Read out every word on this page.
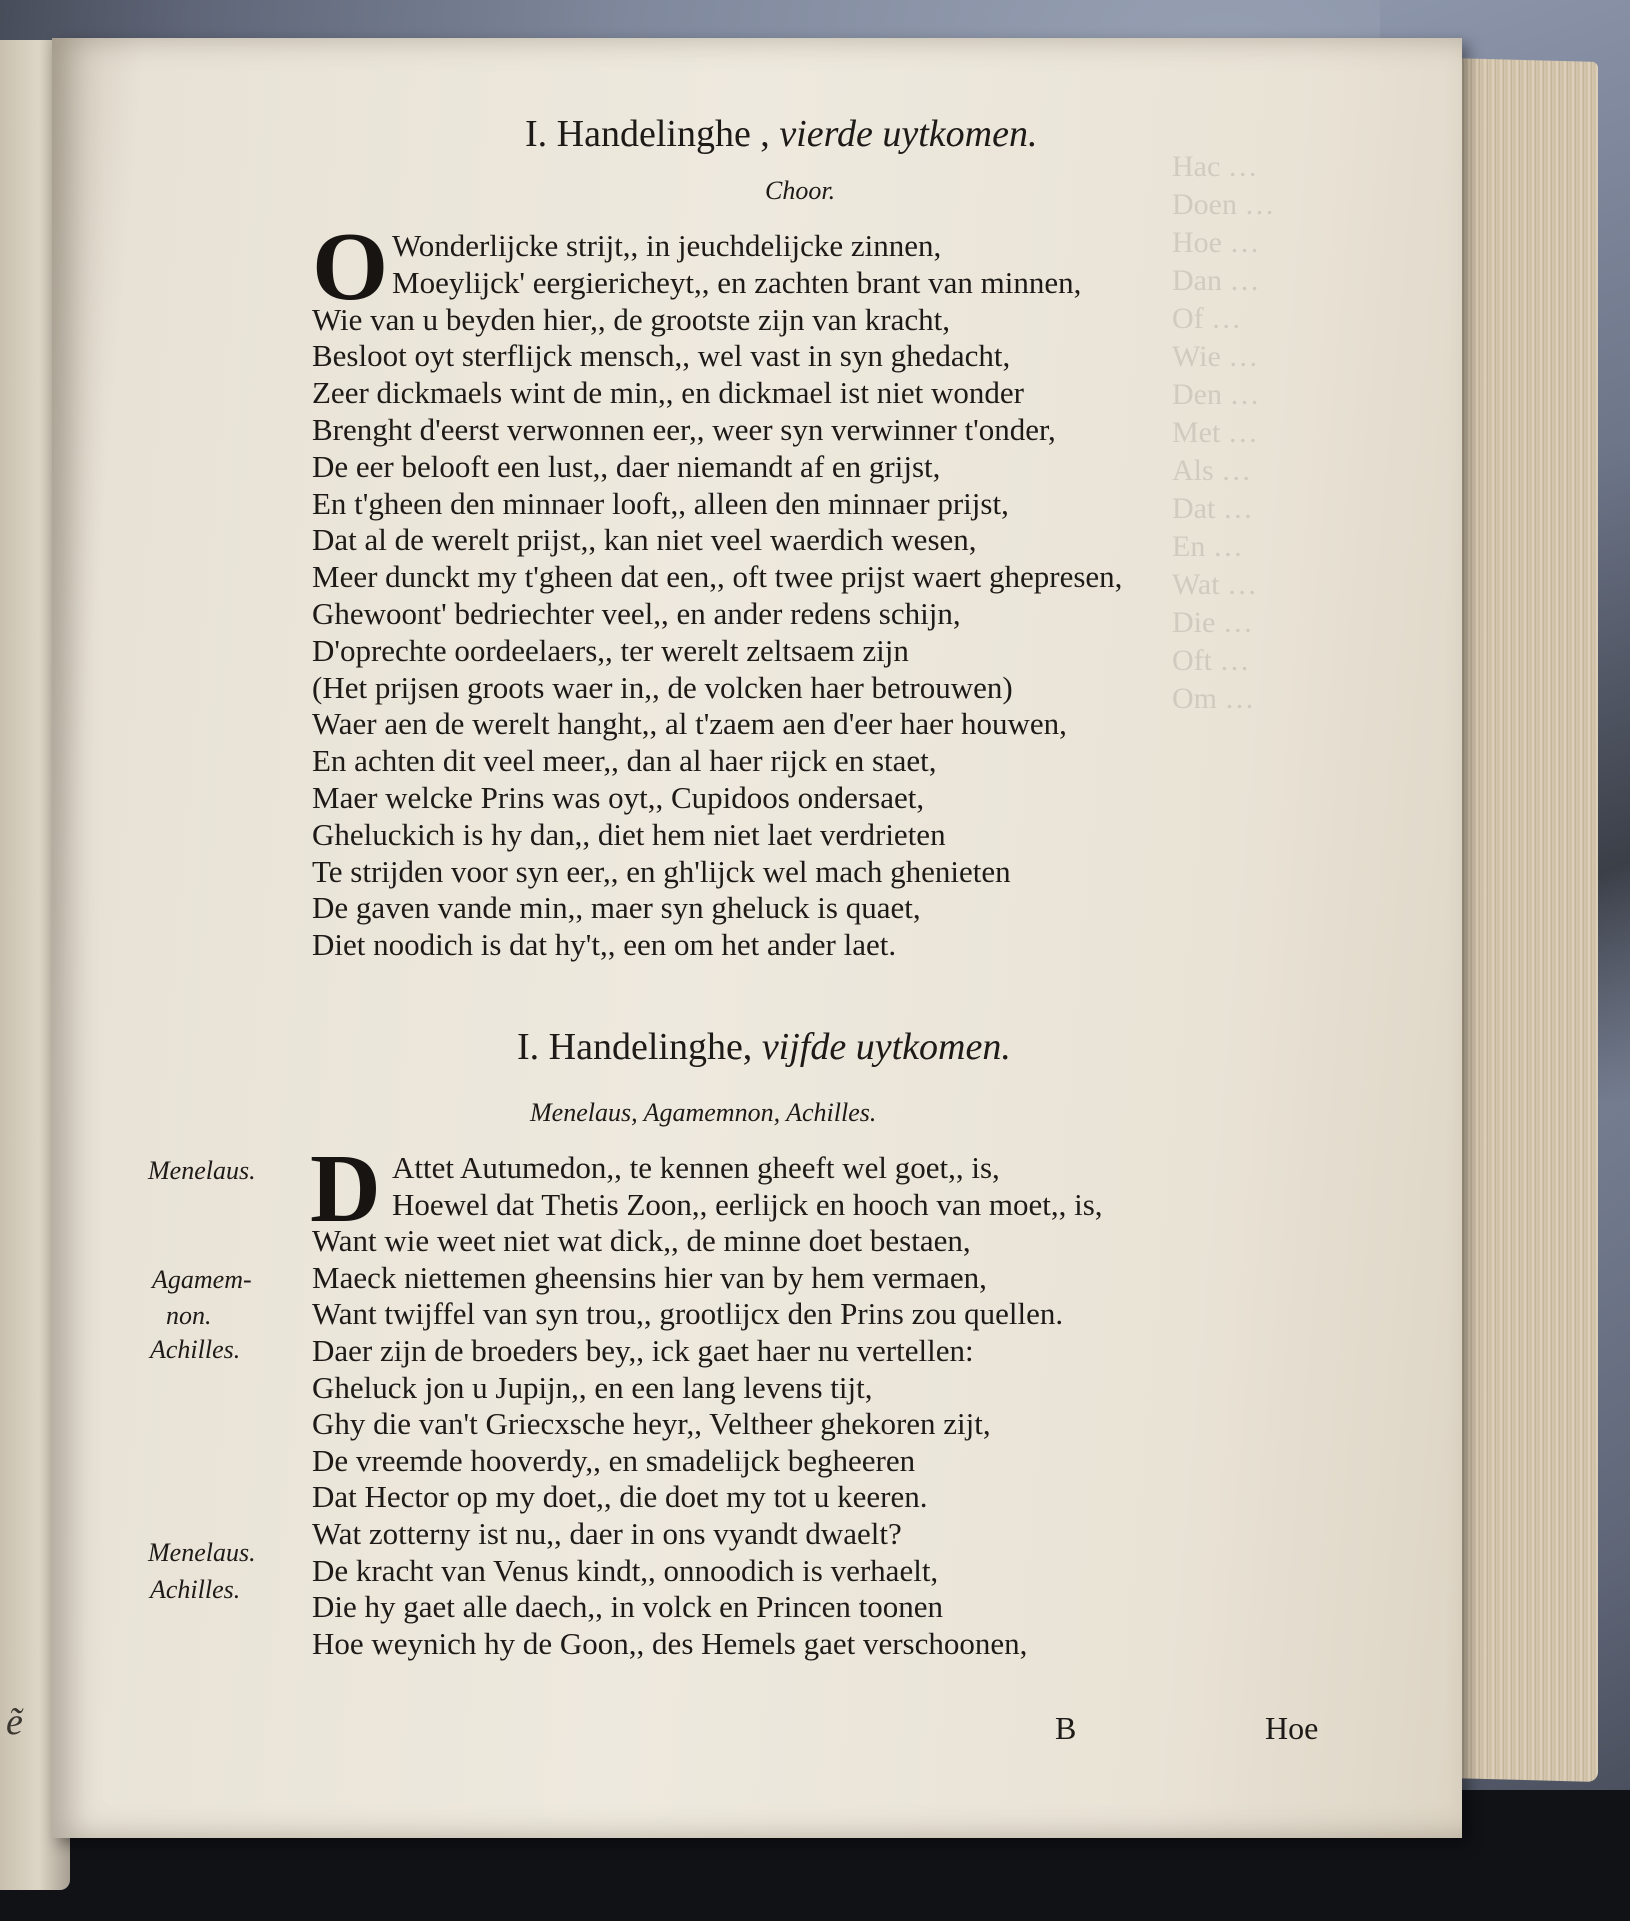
ẽ
Hac …
Doen …
Hoe …
Dan …
Of …
Wie …
Den …
Met …
Als …
Dat …
En …
Wat …
Die …
Oft …
Om …
I. Handelinghe , vierde uytkomen.
Choor.
O Wonderlijcke strijt,, in jeuchdelijcke zinnen,
Moeylijck' eergiericheyt,, en zachten brant van minnen,
Wie van u beyden hier,, de grootste zijn van kracht,
Besloot oyt sterflijck mensch,, wel vast in syn ghedacht,
Zeer dickmaels wint de min,, en dickmael ist niet wonder
Brenght d'eerst verwonnen eer,, weer syn verwinner t'onder,
De eer belooft een lust,, daer niemandt af en grijst,
En t'gheen den minnaer looft,, alleen den minnaer prijst,
Dat al de werelt prijst,, kan niet veel waerdich wesen,
Meer dunckt my t'gheen dat een,, oft twee prijst waert ghepresen,
Ghewoont' bedriechter veel,, en ander redens schijn,
D'oprechte oordeelaers,, ter werelt zeltsaem zijn
(Het prijsen groots waer in,, de volcken haer betrouwen)
Waer aen de werelt hanght,, al t'zaem aen d'eer haer houwen,
En achten dit veel meer,, dan al haer rijck en staet,
Maer welcke Prins was oyt,, Cupidoos ondersaet,
Gheluckich is hy dan,, diet hem niet laet verdrieten
Te strijden voor syn eer,, en gh'lijck wel mach ghenieten
De gaven vande min,, maer syn gheluck is quaet,
Diet noodich is dat hy't,, een om het ander laet.
I. Handelinghe, vijfde uytkomen.
Menelaus, Agamemnon, Achilles.
D Attet Autumedon,, te kennen gheeft wel goet,, is,
Hoewel dat Thetis Zoon,, eerlijck en hooch van moet,, is,
Want wie weet niet wat dick,, de minne doet bestaen,
Maeck niettemen gheensins hier van by hem vermaen,
Want twijffel van syn trou,, grootlijcx den Prins zou quellen.
Daer zijn de broeders bey,, ick gaet haer nu vertellen:
Gheluck jon u Jupijn,, en een lang levens tijt,
Ghy die van't Griecxsche heyr,, Veltheer ghekoren zijt,
De vreemde hooverdy,, en smadelijck begheeren
Dat Hector op my doet,, die doet my tot u keeren.
Wat zotterny ist nu,, daer in ons vyandt dwaelt?
De kracht van Venus kindt,, onnoodich is verhaelt,
Die hy gaet alle daech,, in volck en Princen toonen
Hoe weynich hy de Goon,, des Hemels gaet verschoonen,
Menelaus.
Agamem-
non.
Achilles.
Menelaus.
Achilles.
B	Hoe
